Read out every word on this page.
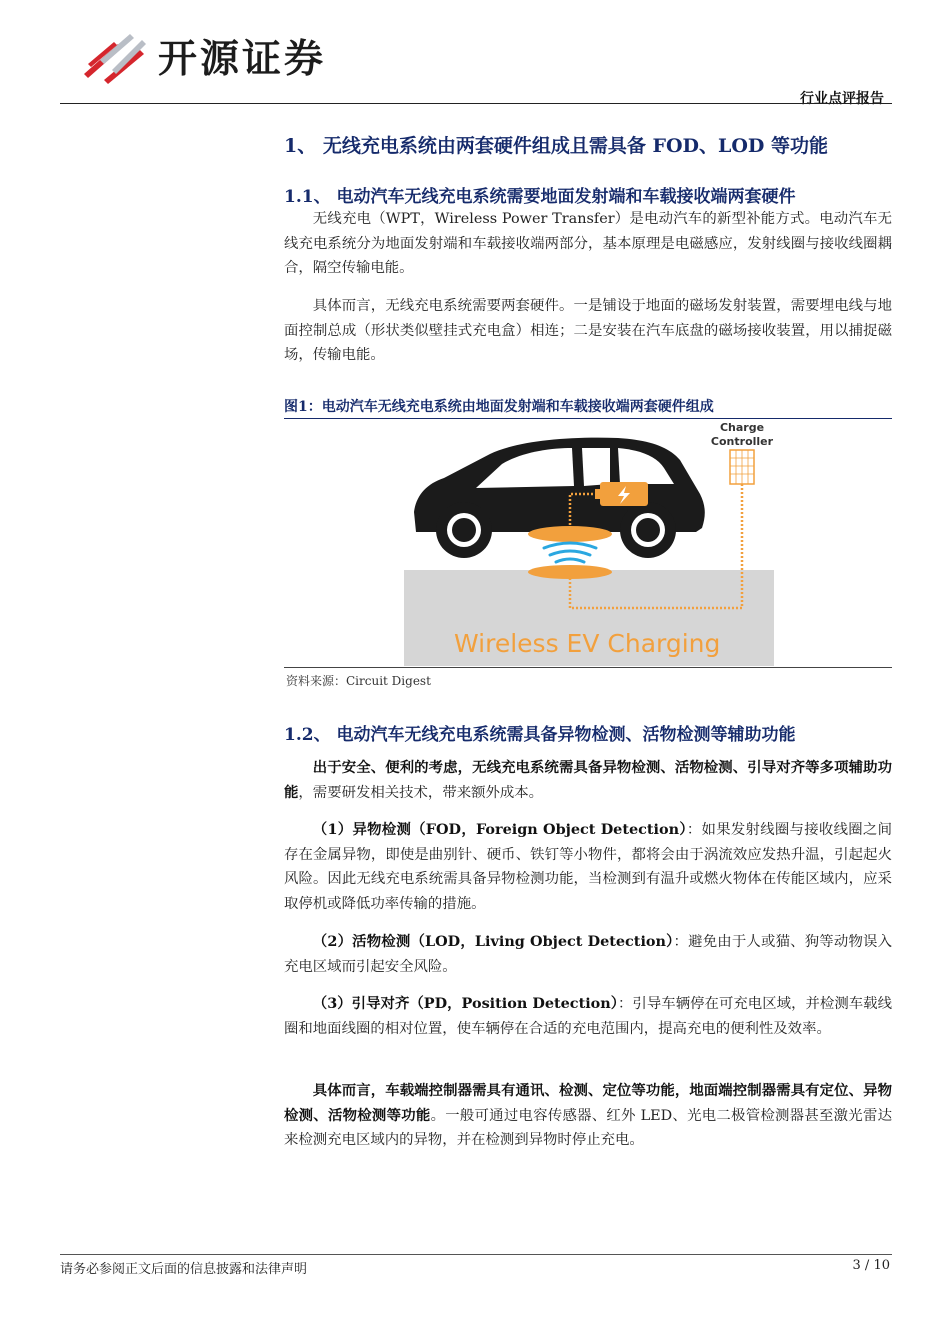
开源证券
行业点评报告
1、 无线充电系统由两套硬件组成且需具备 FOD、LOD 等功能
1.1、 电动汽车无线充电系统需要地面发射端和车载接收端两套硬件

无线充电（WPT，Wireless Power Transfer）是电动汽车的新型补能方式。电动汽车无线充电系统分为地面发射端和车载接收端两部分，基本原理是电磁感应，发射线圈与接收线圈耦合，隔空传输电能。

具体而言，无线充电系统需要两套硬件。一是铺设于地面的磁场发射装置，需要埋电线与地面控制总成（形状类似壁挂式充电盒）相连；二是安装在汽车底盘的磁场接收装置，用以捕捉磁场，传输电能。

图1：电动汽车无线充电系统由地面发射端和车载接收端两套硬件组成
Charge
Controller
Wireless EV Charging
资料来源：Circuit Digest
1.2、 电动汽车无线充电系统需具备异物检测、活物检测等辅助功能

出于安全、便利的考虑，无线充电系统需具备异物检测、活物检测、引导对齐等多项辅助功能，需要研发相关技术，带来额外成本。

（1）异物检测（FOD，Foreign Object Detection）：如果发射线圈与接收线圈之间存在金属异物，即使是曲别针、硬币、铁钉等小物件，都将会由于涡流效应发热升温，引起起火风险。因此无线充电系统需具备异物检测功能，当检测到有温升或燃火物体在传能区域内，应采取停机或降低功率传输的措施。

（2）活物检测（LOD，Living Object Detection）：避免由于人或猫、狗等动物误入充电区域而引起安全风险。

（3）引导对齐（PD，Position Detection）：引导车辆停在可充电区域，并检测车载线圈和地面线圈的相对位置，使车辆停在合适的充电范围内，提高充电的便利性及效率。

具体而言，车载端控制器需具有通讯、检测、定位等功能，地面端控制器需具有定位、异物检测、活物检测等功能。一般可通过电容传感器、红外 LED、光电二极管检测器甚至激光雷达来检测充电区域内的异物，并在检测到异物时停止充电。

请务必参阅正文后面的信息披露和法律声明	3 / 10
